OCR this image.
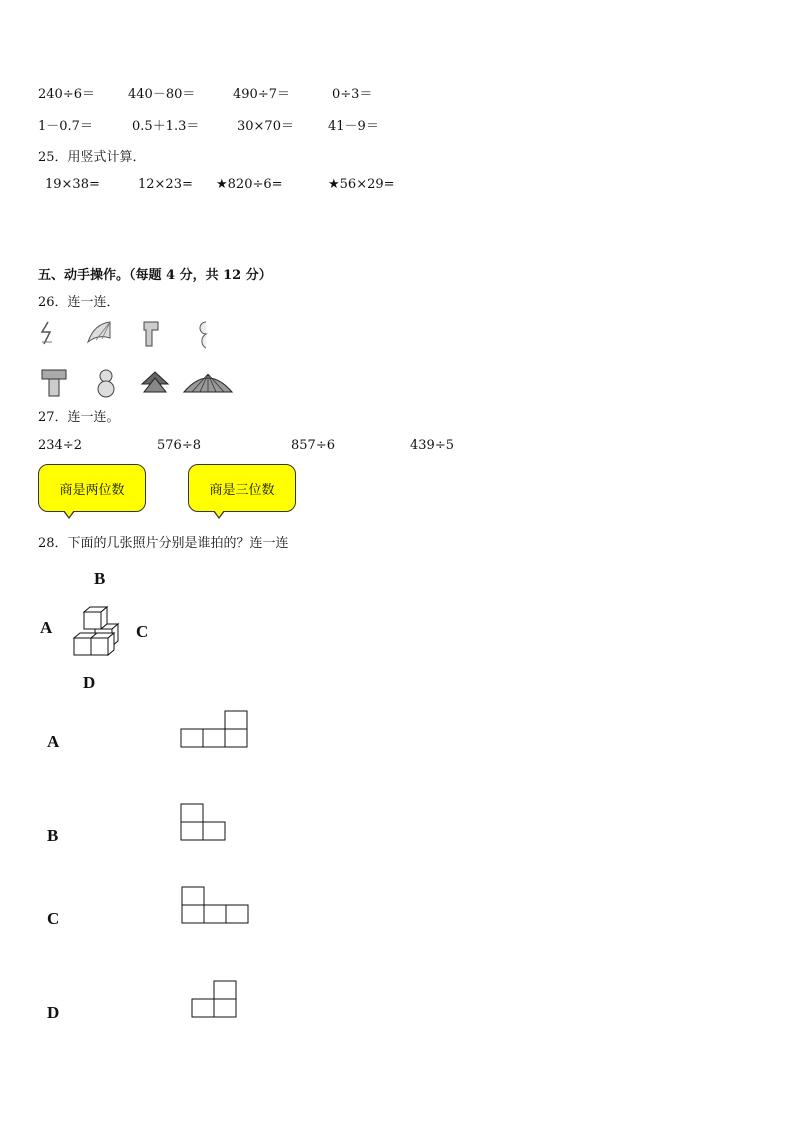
240÷6＝	440－80＝	490÷7＝	0÷3＝
1－0.7＝	0.5＋1.3＝	30×70＝	41－9＝
25．用竖式计算．
19×38=	12×23= ★820÷6=	★56×29=
五、动手操作。（每题 4 分，共 12 分）
26．连一连．
27．连一连。
234÷2	576÷8	857÷6	439÷5
商是两位数	商是三位数
28．下面的几张照片分别是谁拍的？连一连
B
A	C
D
A
B
C
D
